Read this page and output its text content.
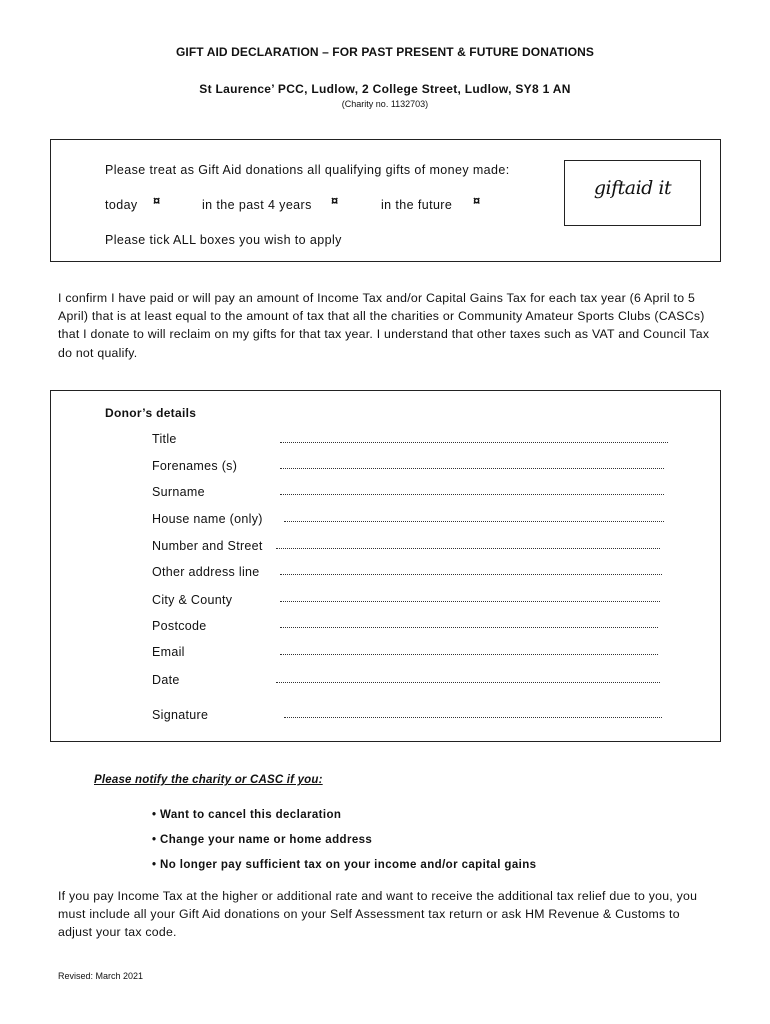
GIFT AID DECLARATION – FOR PAST PRESENT & FUTURE DONATIONS
St Laurence’ PCC, Ludlow, 2 College Street, Ludlow, SY8 1 AN
(Charity no. 1132703)
Please treat as Gift Aid donations all qualifying gifts of money made:
today ¤	in the past 4 years ¤	in the future ¤
Please tick ALL boxes you wish to apply
giftaid it
I confirm I have paid or will pay an amount of Income Tax and/or Capital Gains Tax for each tax year (6 April to 5 April) that is at least equal to the amount of tax that all the charities or Community Amateur Sports Clubs (CASCs) that I donate to will reclaim on my gifts for that tax year. I understand that other taxes such as VAT and Council Tax do not qualify.
Donor’s details
Title
Forenames (s)
Surname
House name (only)
Number and Street
Other address line
City & County
Postcode
Email
Date
Signature
Please notify the charity or CASC if you:
• Want to cancel this declaration
• Change your name or home address
• No longer pay sufficient tax on your income and/or capital gains
If you pay Income Tax at the higher or additional rate and want to receive the additional tax relief due to you, you must include all your Gift Aid donations on your Self Assessment tax return or ask HM Revenue & Customs to adjust your tax code.
Revised: March 2021
